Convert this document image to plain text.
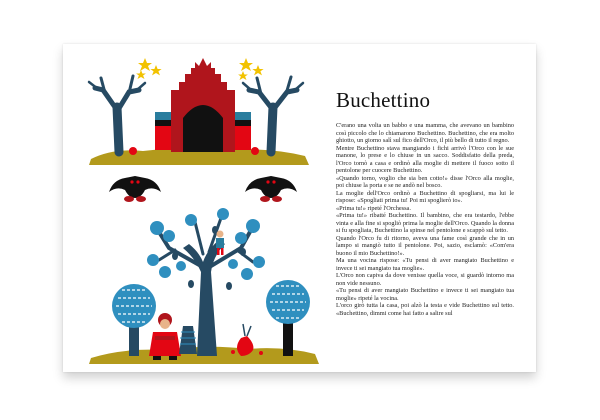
Buchettino

C'erano una volta un babbo e una mamma, che avevano un bambino così piccolo che lo chiamarono Buchettino. Buchettino, che era molto ghiotto, un giorno salì sul fico dell'Orco, il più bello di tutto il regno.

Mentre Buchettino stava mangiando i fichi arrivò l'Orco con le sue manone, lo prese e lo chiuse in un sacco. Soddisfatto della preda, l'Orco tornò a casa e ordinò alla moglie di mettere il fuoco sotto il pentolone per cuocere Buchettino.

«Quando torno, voglio che sia ben cotto!» disse l'Orco alla moglie, poi chiuse la porta e se ne andò nel bosco.

La moglie dell'Orco ordinò a Buchettino di spogliarsi, ma lui le rispose: «Spogliati prima tu! Poi mi spoglierò io».

«Prima tu!» ripeté l'Orchessa.

«Prima tu!» ribatté Buchettino. Il bambino, che era testardo, l'ebbe vinta e alla fine si spogliò prima la moglie dell'Orco. Quando la donna si fu spogliata, Buchettino la spinse nel pentolone e scappò sul tetto.

Quando l'Orco fu di ritorno, aveva una fame così grande che in un lampo si mangiò tutto il pentolone. Poi, sazio, esclamò: «Com'era buono il mio Buchettino!».

Ma una vocina rispose: «Tu pensi di aver mangiato Buchettino e invece ti sei mangiato tua moglie».

L'Orco non capiva da dove venisse quella voce, si guardò intorno ma non vide nessuno.

«Tu pensi di aver mangiato Buchettino e invece ti sei mangiato tua moglie» ripeté la vocina.

L'orco girò tutta la casa, poi alzò la testa e vide Buchettino sul tetto. «Buchettino, dimmi come hai fatto a salire sul
